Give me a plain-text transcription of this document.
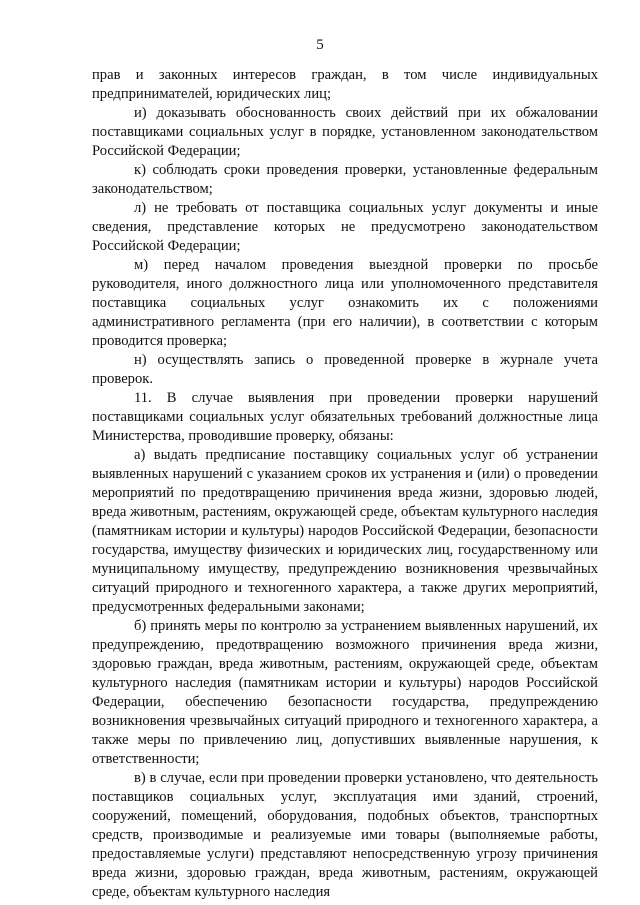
5

прав и законных интересов граждан, в том числе индивидуальных предпринимателей, юридических лиц;

и) доказывать обоснованность своих действий при их обжаловании поставщиками социальных услуг в порядке, установленном законодательством Российской Федерации;

к) соблюдать сроки проведения проверки, установленные федеральным законодательством;

л) не требовать от поставщика социальных услуг документы и иные сведения, представление которых не предусмотрено законодательством Российской Федерации;

м) перед началом проведения выездной проверки по просьбе руководителя, иного должностного лица или уполномоченного представителя поставщика социальных услуг ознакомить их с положениями административного регламента (при его наличии), в соответствии с которым проводится проверка;

н) осуществлять запись о проведенной проверке в журнале учета проверок.

11. В случае выявления при проведении проверки нарушений поставщиками социальных услуг обязательных требований должностные лица Министерства, проводившие проверку, обязаны:

а) выдать предписание поставщику социальных услуг об устранении выявленных нарушений с указанием сроков их устранения и (или) о проведении мероприятий по предотвращению причинения вреда жизни, здоровью людей, вреда животным, растениям, окружающей среде, объектам культурного наследия (памятникам истории и культуры) народов Российской Федерации, безопасности государства, имуществу физических и юридических лиц, государственному или муниципальному имуществу, предупреждению возникновения чрезвычайных ситуаций природного и техногенного характера, а также других мероприятий, предусмотренных федеральными законами;

б) принять меры по контролю за устранением выявленных нарушений, их предупреждению, предотвращению возможного причинения вреда жизни, здоровью граждан, вреда животным, растениям, окружающей среде, объектам культурного наследия (памятникам истории и культуры) народов Российской Федерации, обеспечению безопасности государства, предупреждению возникновения чрезвычайных ситуаций природного и техногенного характера, а также меры по привлечению лиц, допустивших выявленные нарушения, к ответственности;

в) в случае, если при проведении проверки установлено, что деятельность поставщиков социальных услуг, эксплуатация ими зданий, строений, сооружений, помещений, оборудования, подобных объектов, транспортных средств, производимые и реализуемые ими товары (выполняемые работы, предоставляемые услуги) представляют непосредственную угрозу причинения вреда жизни, здоровью граждан, вреда животным, растениям, окружающей среде, объектам культурного наследия
